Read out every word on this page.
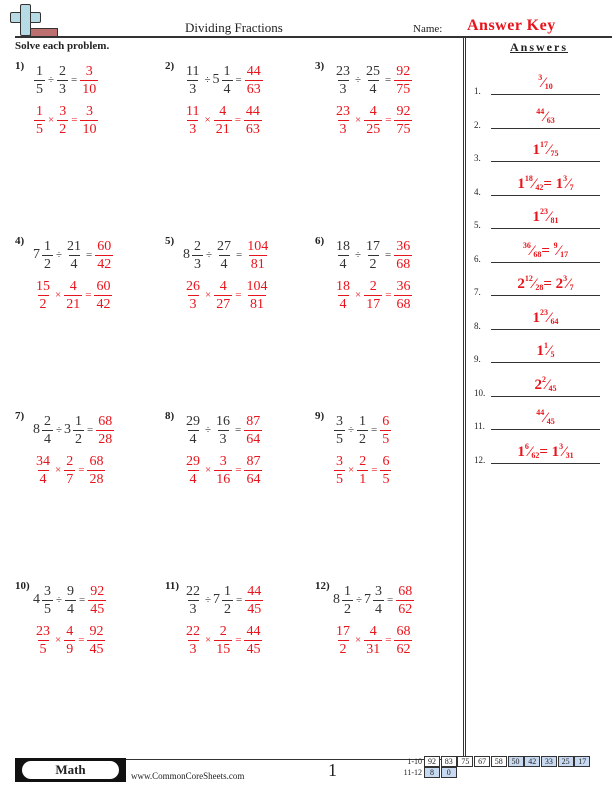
Dividing Fractions	Name: Answer Key
Solve each problem.
$1) \frac{1}{5} \div \frac{2}{3} = \frac{3}{10}$
$\frac{1}{5} \times \frac{3}{2} = \frac{3}{10}$
$2) \frac{11}{3} \div 5 \frac{1}{4} = \frac{44}{63}$
$\frac{11}{3} \times \frac{4}{21} = \frac{44}{63}$
$3) \frac{23}{3} \div \frac{25}{4} = \frac{92}{75}$
$\frac{23}{3} \times \frac{4}{25} = \frac{92}{75}$
4)
$7 \frac{1}{2} \div \frac{21}{4} = \frac{60}{42}$
$\frac{15}{2} \times \frac{4}{21} = \frac{60}{42}$
5)
$8 \frac{2}{3} \div \frac{27}{4} = \frac{104}{81}$
$\frac{26}{3} \times \frac{4}{27} = \frac{104}{81}$
$6) \frac{18}{4} \div \frac{17}{2} = \frac{36}{68}$
$\frac{18}{4} \times \frac{2}{17} = \frac{36}{68}$
7)
$8 \frac{2}{4} \div 3 \frac{1}{2} = \frac{68}{28}$
$\frac{34}{4} \times \frac{2}{7} = \frac{68}{28}$
$8) \frac{29}{4} \div \frac{16}{3} = \frac{87}{64}$
$\frac{29}{4} \times \frac{3}{16} = \frac{87}{64}$
$9) \frac{3}{5} \div \frac{1}{2} = \frac{6}{5}$
$\frac{3}{5} \times \frac{2}{1} = \frac{6}{5}$
10)
$4 \frac{3}{5} \div \frac{9}{4} = \frac{92}{45}$
$\frac{23}{5} \times \frac{4}{9} = \frac{92}{45}$
$11) \frac{22}{3} \div 7 \frac{1}{2} = \frac{44}{45}$
$\frac{22}{3} \times \frac{2}{15} = \frac{44}{45}$
12)
$8 \frac{1}{2} \div 7 \frac{3}{4} = \frac{68}{62}$
$\frac{17}{2} \times \frac{4}{31} = \frac{68}{62}$
Answers
1.
$^3⁄_{10}$
2.
$^{44}⁄_{63}$
3.	$1^{17}⁄_{75}$
4.	$1^{18}⁄_{42}=$ $1^3⁄_7$
5.	$1^{23}⁄_{81}$
6.
$^{36}⁄_{68}=$ $^9⁄_{17}$
7.	$2^{12}⁄_{28}=$ $2^3⁄_7$
8.	$1^{23}⁄_{64}$
9.	$1^1⁄_5$
10.	$2^2⁄_{45}$
11.
$^{44}⁄_{45}$
12.	$1^6⁄_{62}=$ $1^3⁄_{31}$
Math	www.CommonCoreSheets.com	1	1-10 92	83	75	67	58	50	42	33	25	17
11-12	8	0
